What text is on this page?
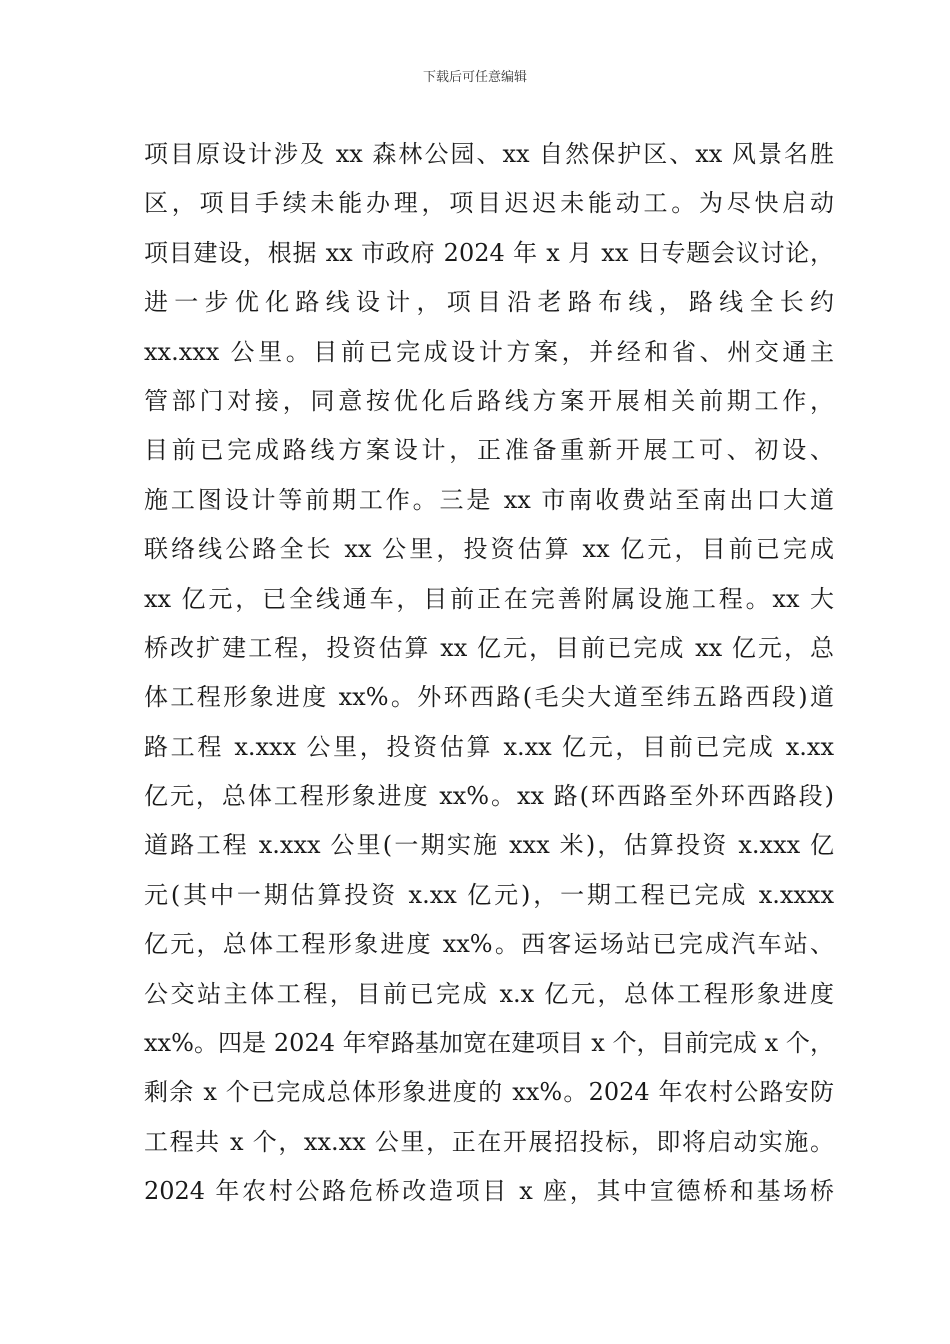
下载后可任意编辑
项目原设计涉及 xx 森林公园、xx 自然保护区、xx 风景名胜
区，项目手续未能办理，项目迟迟未能动工。为尽快启动
项目建设，根据 xx 市政府 2024 年 x 月 xx 日专题会议讨论，
进一步优化路线设计，项目沿老路布线，路线全长约
xx.xxx 公里。目前已完成设计方案，并经和省、州交通主
管部门对接，同意按优化后路线方案开展相关前期工作，
目前已完成路线方案设计，正准备重新开展工可、初设、
施工图设计等前期工作。三是 xx 市南收费站至南出口大道
联络线公路全长 xx 公里，投资估算 xx 亿元，目前已完成
xx 亿元，已全线通车，目前正在完善附属设施工程。xx 大
桥改扩建工程，投资估算 xx 亿元，目前已完成 xx 亿元，总
体工程形象进度 xx%。外环西路(毛尖大道至纬五路西段)道
路工程 x.xxx 公里，投资估算 x.xx 亿元，目前已完成 x.xx
亿元，总体工程形象进度 xx%。xx 路(环西路至外环西路段)
道路工程 x.xxx 公里(一期实施 xxx 米)，估算投资 x.xxx 亿
元(其中一期估算投资 x.xx 亿元)，一期工程已完成 x.xxxx
亿元，总体工程形象进度 xx%。西客运场站已完成汽车站、
公交站主体工程，目前已完成 x.x 亿元，总体工程形象进度
xx%。四是 2024 年窄路基加宽在建项目 x 个，目前完成 x 个，
剩余 x 个已完成总体形象进度的 xx%。2024 年农村公路安防
工程共 x 个，xx.xx 公里，正在开展招投标，即将启动实施。
2024 年农村公路危桥改造项目 x 座，其中宣德桥和基场桥
